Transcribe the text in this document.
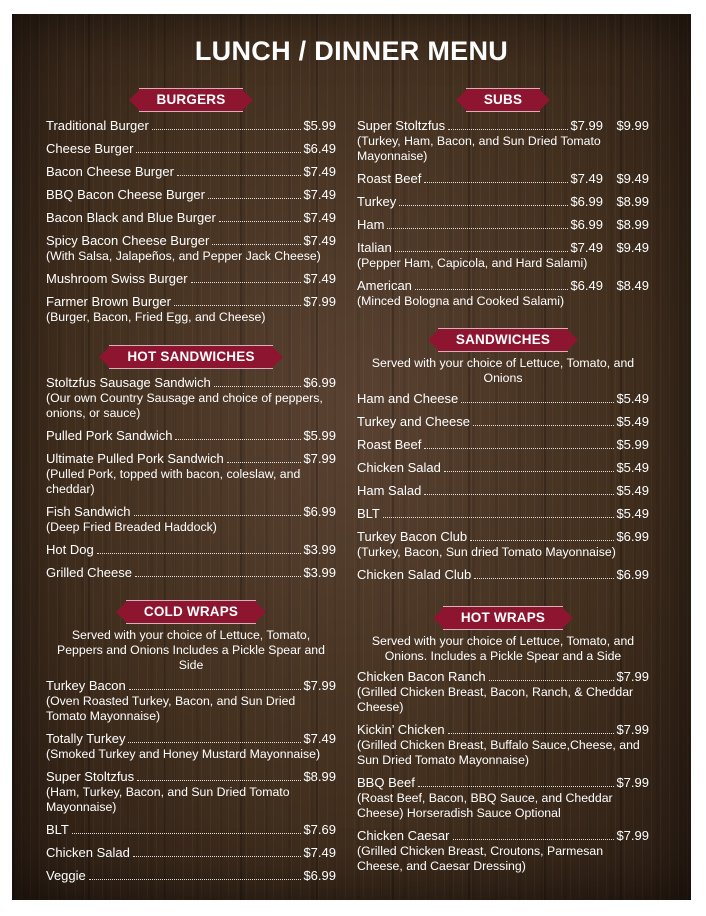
LUNCH / DINNER MENU
BURGERS
Traditional Burger	$5.99
Cheese Burger	$6.49
Bacon Cheese Burger	$7.49
BBQ Bacon Cheese Burger	$7.49
Bacon Black and Blue Burger	$7.49
Spicy Bacon Cheese Burger	$7.49
(With Salsa, Jalapeños, and Pepper Jack Cheese)
Mushroom Swiss Burger	$7.49
Farmer Brown Burger	$7.99
(Burger, Bacon, Fried Egg, and Cheese)
HOT SANDWICHES
Stoltzfus Sausage Sandwich	$6.99
(Our own Country Sausage and choice of peppers, onions, or sauce)
Pulled Pork Sandwich	$5.99
Ultimate Pulled Pork Sandwich	$7.99
(Pulled Pork, topped with bacon, coleslaw, and cheddar)
Fish Sandwich	$6.99
(Deep Fried Breaded Haddock)
Hot Dog	$3.99
Grilled Cheese	$3.99
COLD WRAPS
Served with your choice of Lettuce, Tomato, Peppers and Onions Includes a Pickle Spear and Side
Turkey Bacon	$7.99
(Oven Roasted Turkey, Bacon, and Sun Dried Tomato Mayonnaise)
Totally Turkey	$7.49
(Smoked Turkey and Honey Mustard Mayonnaise)
Super Stoltzfus	$8.99
(Ham, Turkey, Bacon, and Sun Dried Tomato Mayonnaise)
BLT	$7.69
Chicken Salad	$7.49
Veggie	$6.99
SUBS
Super Stoltzfus	$7.99	$9.99
(Turkey, Ham, Bacon, and Sun Dried Tomato Mayonnaise)
Roast Beef	$7.49	$9.49
Turkey	$6.99	$8.99
Ham	$6.99	$8.99
Italian	$7.49	$9.49
(Pepper Ham, Capicola, and Hard Salami)
American	$6.49	$8.49
(Minced Bologna and Cooked Salami)
SANDWICHES
Served with your choice of Lettuce, Tomato, and Onions
Ham and Cheese	$5.49
Turkey and Cheese	$5.49
Roast Beef	$5.99
Chicken Salad	$5.49
Ham Salad	$5.49
BLT	$5.49
Turkey Bacon Club	$6.99
(Turkey, Bacon, Sun dried Tomato Mayonnaise)
Chicken Salad Club	$6.99
HOT WRAPS
Served with your choice of Lettuce, Tomato, and Onions. Includes a Pickle Spear and a Side
Chicken Bacon Ranch	$7.99
(Grilled Chicken Breast, Bacon, Ranch, & Cheddar Cheese)
Kickin’ Chicken	$7.99
(Grilled Chicken Breast, Buffalo Sauce,Cheese, and Sun Dried Tomato Mayonnaise)
BBQ Beef	$7.99
(Roast Beef, Bacon, BBQ Sauce, and Cheddar Cheese) Horseradish Sauce Optional
Chicken Caesar	$7.99
(Grilled Chicken Breast, Croutons, Parmesan Cheese, and Caesar Dressing)
